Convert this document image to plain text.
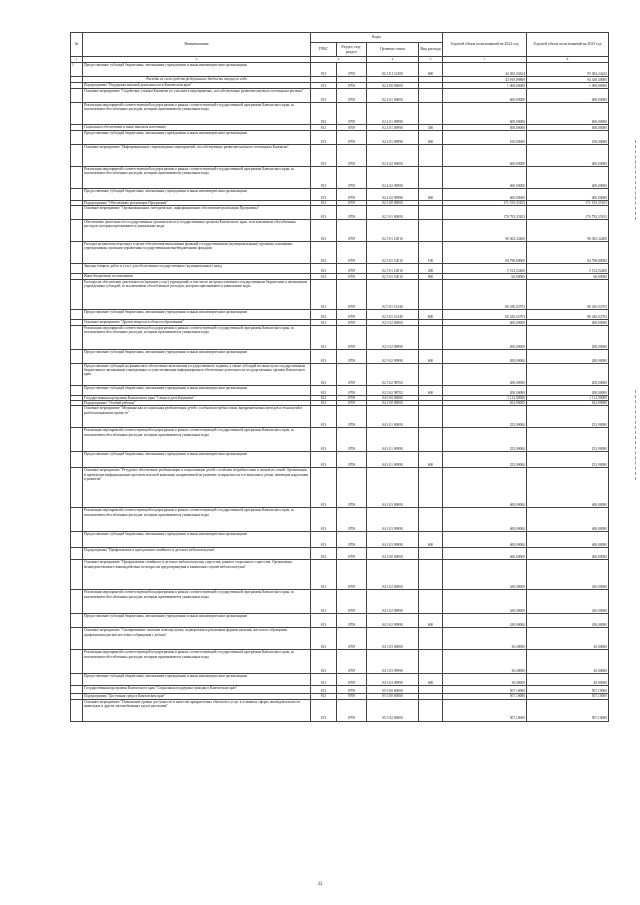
№	Наименование	Коды				Годовой объем ассигнований на 2022 год	Годовой объем ассигнований на 2023 год
		ГРБС	Раздел, под- раздел	Целевая статья	Вид расхода		
1	2	3		4	5	7	8
1	Предоставление субсидий бюджетным, автономным учреждениям и иным некоммерческим организациям	813	0709	02 3 E1 52100	600	44 565,43434	95 384,24242
	Расходы за счет средств федерального бюджета текущего года					43 919,89869	94 430,40000
	Подпрограмма "Поддержка научной деятельности в Камчатском крае"	813	0709	02 4 00 00000		1 000,00000	1 000,00000
	Основное мероприятие "Содействие ученым Камчатки по участию в мероприятиях, способствующих развитию научного потенциала региона"	813	0709	02 4 01 00000		600,00000	600,00000
	Реализация мероприятий соответствующей подпрограммы в рамках соответствующей государственной программы Камчатского края, за исключением обособленных расходов, которым присваиваются уникальные коды	813	0709	02 4 01 09990		600,00000	600,00000
	Социальное обеспечение и иные выплаты населению	813	0709	02 4 01 09990	300	500,00000	500,00000
	Предоставление субсидий бюджетным, автономным учреждениям и иным некоммерческим организациям	813	0709	02 4 01 09990	600	100,00000	100,00000
	Основное мероприятие "Информационное сопровождение мероприятий, способствующих развитию научного потенциала Камчатки"	813	0709	02 4 02 00000		400,00000	400,00000
	Реализация мероприятий соответствующей подпрограммы в рамках соответствующей государственной программы Камчатского края, за исключением обособленных расходов, которым присваиваются уникальные коды	813	0709	02 4 02 09990		400,00000	400,00000
	Предоставление субсидий бюджетным, автономным учреждениям и иным некоммерческим организациям	813	0709	02 4 02 09990	600	400,00000	400,00000
	Подпрограмма "Обеспечение реализации Программы"	813	0709	02 5 00 00000		171 193,35103	171 193,35103
	Основное мероприятие "Организационное, методическое, информационное обеспечение реализации Программы"	813	0709	02 5 01 00000		170 793,35103	170 793,35103
	Обеспечение деятельности государственных органов власти (государственных органов) Камчатского края, за исключением обособленных расходов, которым присваиваются уникальные коды	813	0709	02 5 01 10010		90 363,32400	90 363,32400
	Расходы на выплаты персоналу в целях обеспечения выполнения функций государственными (муниципальными) органами, казенными учреждениями, органами управления государственными внебюджетными фондами	813	0709	02 5 01 10010	100	84 790,80000	84 790,80000
	Закупка товаров, работ и услуг для обеспечения государственных (муниципальных) нужд	813	0709	02 5 01 10010	200	5 512,52400	5 512,52400
	Иные бюджетные ассигнования	813	0709	02 5 01 10010	800	60,00000	60,00000
	Расходы на обеспечение деятельности (оказание услуг) учреждений, в том числе на предоставление государственным бюджетным и автономным учреждениям субсидий, за исключением обособленных расходов, которым присваиваются уникальные коды	813	0709	02 5 01 10140		80 430,02703	80 430,02703
	Предоставление субсидий бюджетным, автономным учреждениям и иным некоммерческим организациям	813	0709	02 5 01 10140	600	80 430,02703	80 430,02703
	Основное мероприятие "Другие вопросы в области образования"	813	0709	02 5 02 00000		400,00000	400,00000
	Реализация мероприятий соответствующей подпрограммы в рамках соответствующей государственной программы Камчатского края, за исключением обособленных расходов, которым присваиваются уникальные коды	813	0709	02 5 02 09990		200,00000	200,00000
	Предоставление субсидий бюджетным, автономным учреждениям и иным некоммерческим организациям	813	0709	02 5 02 09990	600	200,00000	200,00000
	Предоставление субсидий на финансовое обеспечение выполнения государственного задания, а также субсидий на иные цели государственным бюджетным и автономным учреждениям, осуществляющим информационное обеспечение деятельности государственных органов Камчатского края	813	0709	02 5 02 98702		200,00000	200,00000
	Предоставление субсидий бюджетным, автономным учреждениям и иным некоммерческим организациям	813	0709	02 5 02 98702	600	200,00000	200,00000
	Государственная программа Камчатского края "Семья и дети Камчатки"	813	0709	04 0 00 00000		1 112,90000	1 112,90000
	Подпрограмма "Особый ребенок"	813	0709	04 2 00 00000		652,90000	652,90000
	Основное мероприятие "Медицинская и социальная реабилитация детей с особыми потребностями, внедрение новых методов и технологий в реабилитационном процессе"	813	0709	04 2 01 00000		252,90000	252,90000
	Реализация мероприятий соответствующей подпрограммы в рамках соответствующей государственной программы Камчатского края, за исключением обособленных расходов, которым присваиваются уникальные коды	813	0709	04 2 01 09990		252,90000	252,90000
	Предоставление субсидий бюджетным, автономным учреждениям и иным некоммерческим организациям	813	0709	04 2 01 09990	600	252,90000	252,90000
	Основное мероприятие "Ресурсное обеспечение реабилитации и социализации детей с особыми потребностями и членов их семей. Организация и проведение информационно-просветительской кампании, направленной на развитие толерантности в отношении к детям, имеющим нарушения в развитии"	813	0709	04 2 03 00000		400,00000	400,00000
	Реализация мероприятий соответствующей подпрограммы в рамках соответствующей государственной программы Камчатского края, за исключением обособленных расходов, которым присваиваются уникальные коды	813	0709	04 2 03 09990		400,00000	400,00000
	Предоставление субсидий бюджетным, автономным учреждениям и иным некоммерческим организациям	813	0709	04 2 03 09990	600	400,00000	400,00000
	Подпрограмма "Профилактика и преодоление семейного и детского неблагополучия"	813	0709	04 3 00 00000		460,00000	460,00000
	Основное мероприятие "Профилактика семейного и детского неблагополучия, сиротства, раннего социального сиротства. Организация межведомственного взаимодействия по вопросам предотвращения и выявления случаев неблагополучия"	813	0709	04 3 02 00000		430,00000	430,00000
	Реализация мероприятий соответствующей подпрограммы в рамках соответствующей государственной программы Камчатского края, за исключением обособленных расходов, которым присваиваются уникальные коды	813	0709	04 3 02 09990		430,00000	430,00000
	Предоставление субсидий бюджетным, автономным учреждениям и иным некоммерческим организациям	813	0709	04 3 02 09990	600	430,00000	430,00000
	Основное мероприятие "Своевременное оказание помощи детям, подвергшимся различным формам насилия, жестокого обращения, профилактика рисков жестокого обращения с детьми"	813	0709	04 3 03 00000		30,00000	30,00000
	Реализация мероприятий соответствующей подпрограммы в рамках соответствующей государственной программы Камчатского края, за исключением обособленных расходов, которым присваиваются уникальные коды	813	0709	04 3 03 09990		30,00000	30,00000
	Предоставление субсидий бюджетным, автономным учреждениям и иным некоммерческим организациям	813	0709	04 3 03 09990	600	30,00000	30,00000
	Государственная программа Камчатского края "Социальная поддержка граждан в Камчатском крае"	813	0709	05 0 00 00000		507,10000	507,10000
	Подпрограмма "Доступная среда в Камчатском крае"	813	0709	05 3 00 00000		507,10000	507,10000
	Основное мероприятие "Повышение уровня доступности и качества приоритетных объектов и услуг в основных сферах жизнедеятельности инвалидов и других маломобильных групп населения"	813	0709	05 3 02 00000		507,10000	507,10000
32
